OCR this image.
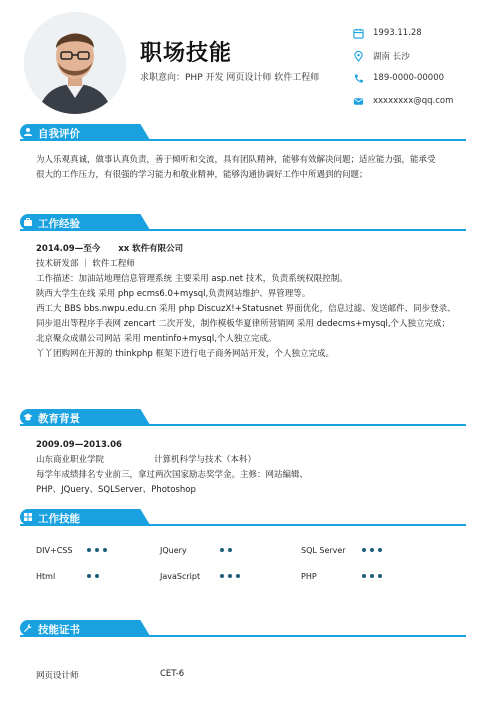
职场技能
求职意向：PHP 开发 网页设计师 软件工程师
1993.11.28
湖南 长沙
189-0000-00000
xxxxxxxx@qq.com
自我评价
为人乐观真诚，做事认真负责，善于倾听和交流，具有团队精神，能够有效解决问题；适应能力强，能承受
很大的工作压力，有很强的学习能力和敬业精神，能够沟通协调好工作中所遇到的问题；
工作经验
2014.09—至今 xx 软件有限公司
技术研发部 ｜ 软件工程师
工作描述：加油站地理信息管理系统 主要采用 asp.net 技术，负责系统权限控制。
陕西大学生在线 采用 php ecms6.0+mysql,负责网站维护、界管理等。
西工大 BBS bbs.nwpu.edu.cn 采用 php DiscuzX!+Statusnet 界面优化，信息过滤、发送邮件、同步登录、
同步退出等程序手表网 zencart 二次开发，制作模板华夏律所营销网 采用 dedecms+mysql,个人独立完成；
北京聚众成鼎公司网站 采用 mentinfo+mysql,个人独立完成。
丫丫团购网在开源的 thinkphp 框架下进行电子商务网站开发，个人独立完成。
教育背景
2009.09—2013.06
山东商业职业学院	计算机科学与技术（本科）
每学年成绩排名专业前三，拿过两次国家励志奖学金。主修：网站编辑、
PHP、JQuery、SQLServer、Photoshop
工作技能
DIV+CSS	JQuery	SQL Server
Html	JavaScript	PHP
技能证书
网页设计师	CET-6
